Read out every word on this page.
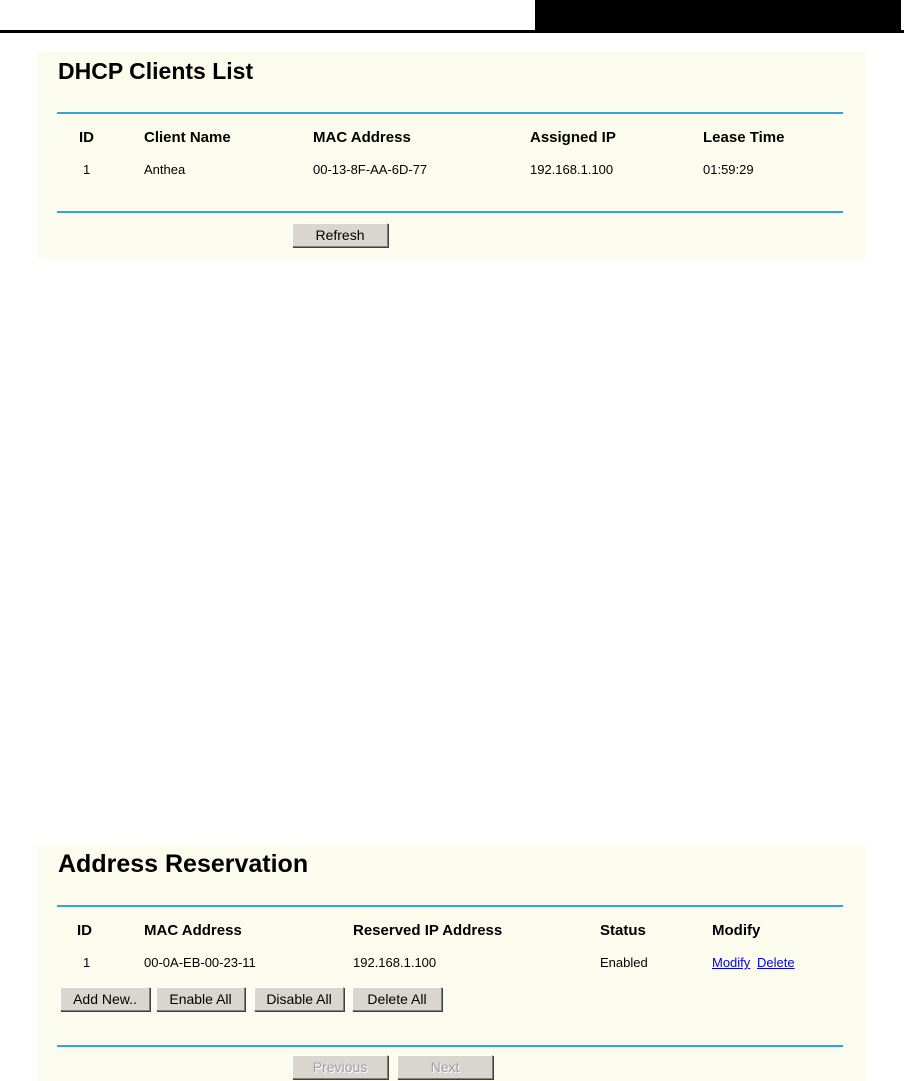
DHCP Clients List
ID	Client Name	MAC Address	Assigned IP	Lease Time
1	Anthea	00-13-8F-AA-6D-77	192.168.1.100	01:59:29
Refresh
Address Reservation
ID	MAC Address	Reserved IP Address	Status	Modify
1	00-0A-EB-00-23-11	192.168.1.100	Enabled	Modify Delete
Add New..	Enable All	Disable All	Delete All
Previous	Next
